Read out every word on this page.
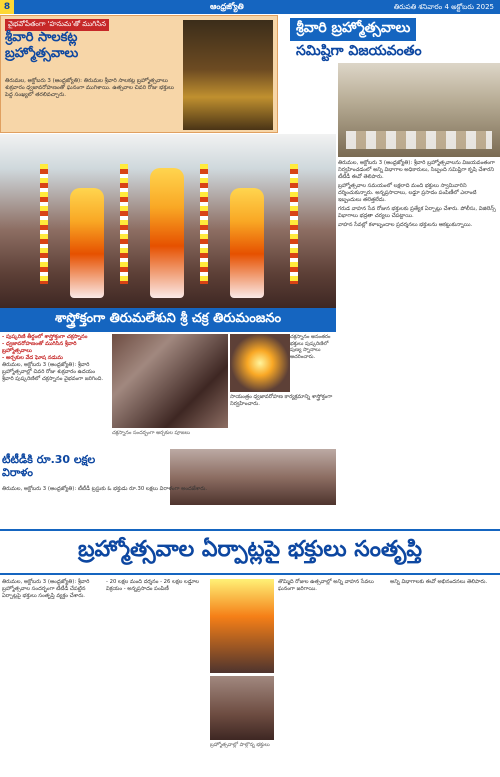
8	ఆంధ్రజ్యోతి	తిరుపతి శనివారం 4 అక్టోబరు 2025
వైభవోపేతంగా 'హనుమ'తో ముగిసిన
శ్రీవారి సాలకట్ల బ్రహ్మోత్సవాలు
తిరుమల, అక్టోబరు 3 (ఆంధ్రజ్యోతి): తిరుమల శ్రీవారి సాలకట్ల బ్రహ్మోత్సవాలు శుక్రవారం ధ్వజావరోహణంతో ఘనంగా ముగిశాయి. ఉత్సవాల చివరి రోజు భక్తులు పెద్ద సంఖ్యలో తరలివచ్చారు.
శ్రీవారి బ్రహ్మోత్సవాలు
సమిష్టిగా విజయవంతం

తిరుమల, అక్టోబరు 3 (ఆంధ్రజ్యోతి): శ్రీవారి బ్రహ్మోత్సవాలను విజయవంతంగా నిర్వహించడంలో అన్ని విభాగాల అధికారులు, సిబ్బంది సమిష్టిగా కృషి చేశారని టీటీడీ ఈవో తెలిపారు.

బ్రహ్మోత్సవాల సమయంలో లక్షలాది మంది భక్తులు స్వామివారిని దర్శించుకున్నారు. అన్నప్రసాదాలు, లడ్డూ ప్రసాదం పంపిణీలో ఎలాంటి ఇబ్బందులు తలెత్తలేదు.

గరుడ వాహన సేవ రోజున భక్తులకు ప్రత్యేక ఏర్పాట్లు చేశారు. పోలీసు, విజిలెన్స్ విభాగాలు భద్రతా చర్యలు చేపట్టాయి.

వాహన సేవల్లో కళాబృందాల ప్రదర్శనలు భక్తులను ఆకట్టుకున్నాయి.

శాస్త్రోక్తంగా తిరుమలేశుని శ్రీ చక్ర తిరుమంజనం
- పుష్కరిణి తీర్థంలో శాస్త్రోక్తంగా చక్రస్నానం
- ధ్వజావరోహణంతో ముగిసిన శ్రీవారి బ్రహ్మోత్సవాలు
- అర్చకుల వేద ఘోష నడుమ
తిరుమల, అక్టోబరు 3 (ఆంధ్రజ్యోతి): శ్రీవారి బ్రహ్మోత్సవాల్లో చివరి రోజు శుక్రవారం ఉదయం శ్రీవారి పుష్కరిణిలో చక్రస్నానం వైభవంగా జరిగింది.
చక్రస్నానం అనంతరం భక్తులు పుష్కరిణిలో పుణ్య స్నానాలు ఆచరించారు.
చక్రస్నానం సందర్భంగా అర్చకుల పూజలు
సాయంత్రం ధ్వజావరోహణ కార్యక్రమాన్ని శాస్త్రోక్తంగా నిర్వహించారు.
టీటీడీకి రూ.30 లక్షల విరాళం
తిరుమల, అక్టోబరు 3 (ఆంధ్రజ్యోతి): టీటీడీ ట్రస్టుకు ఓ భక్తుడు రూ.30 లక్షలు విరాళంగా అందజేశారు.
బ్రహ్మోత్సవాల ఏర్పాట్లపై భక్తులు సంతృప్తి
తిరుమల, అక్టోబరు 3 (ఆంధ్రజ్యోతి): శ్రీవారి బ్రహ్మోత్సవాల సందర్భంగా టీటీడీ చేపట్టిన ఏర్పాట్లపై భక్తులు సంతృప్తి వ్యక్తం చేశారు.
- 20 లక్షల మంది దర్శనం - 26 లక్షల లడ్డూల విక్రయం - అన్నప్రసాదం పంపిణీ
బ్రహ్మోత్సవాల్లో పాల్గొన్న భక్తులు
తొమ్మిది రోజుల ఉత్సవాల్లో అన్ని వాహన సేవలు ఘనంగా జరిగాయి.
అన్ని విభాగాలకు ఈవో అభినందనలు తెలిపారు.
